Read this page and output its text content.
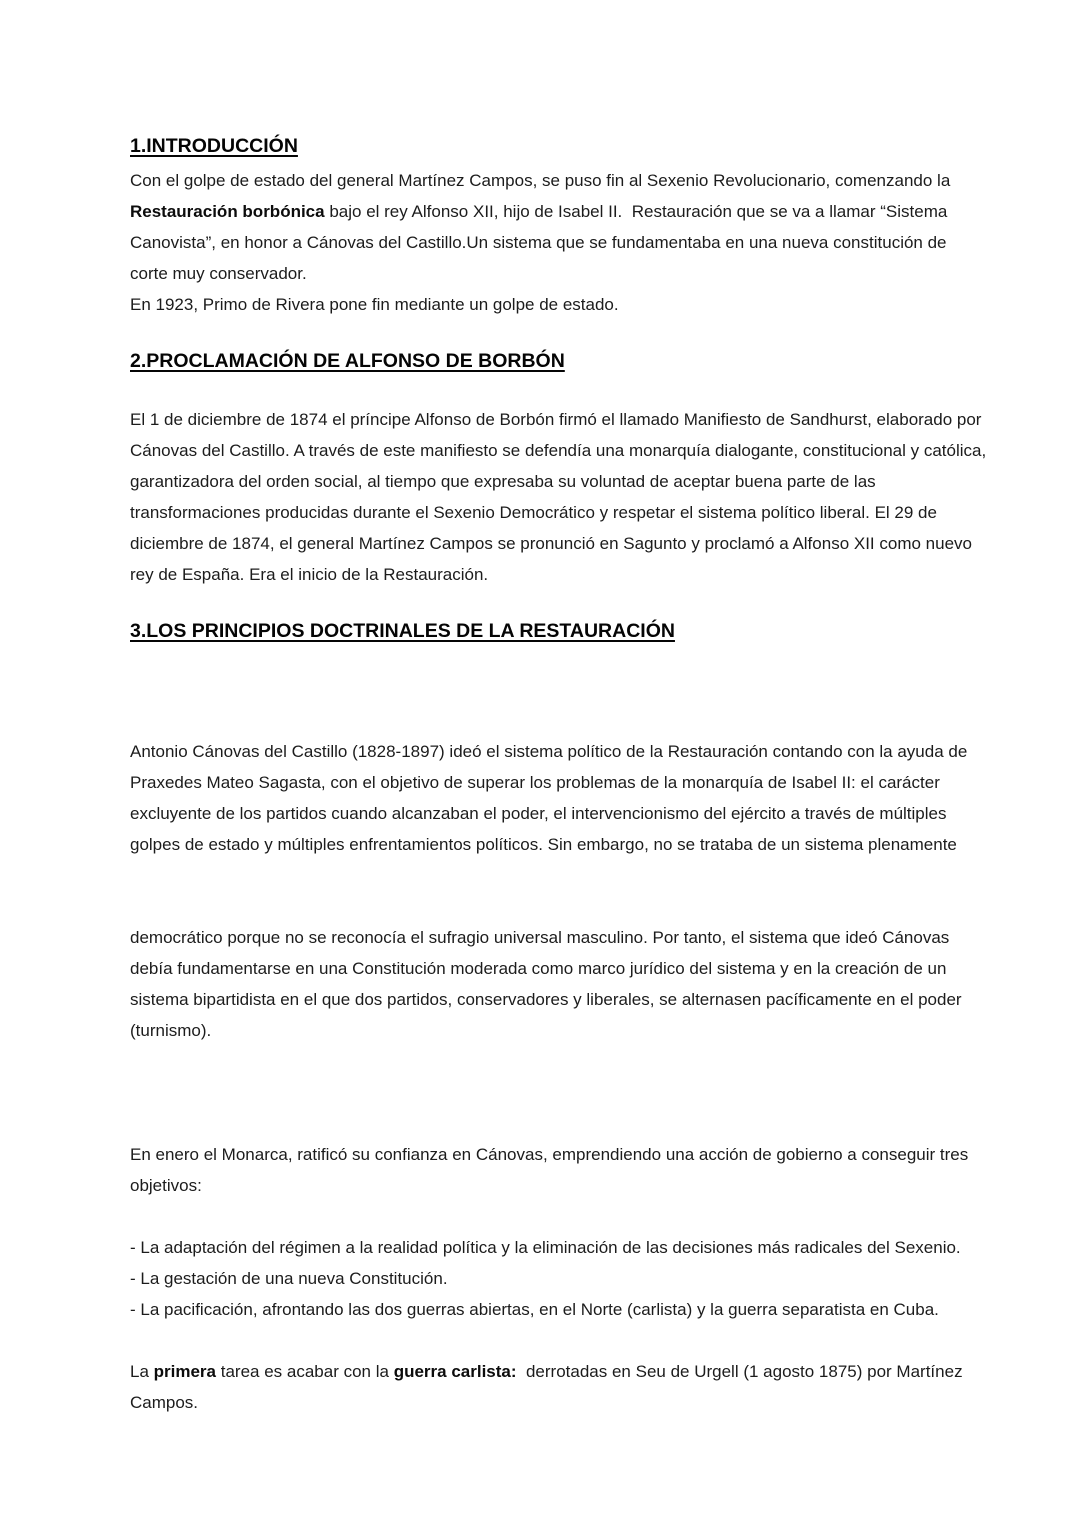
1.INTRODUCCIÓN

Con el golpe de estado del general Martínez Campos, se puso fin al Sexenio Revolucionario, comenzando la Restauración borbónica bajo el rey Alfonso XII, hijo de Isabel II.  Restauración que se va a llamar “Sistema Canovista”, en honor a Cánovas del Castillo.Un sistema que se fundamentaba en una nueva constitución de corte muy conservador.

En 1923, Primo de Rivera pone fin mediante un golpe de estado.

2.PROCLAMACIÓN DE ALFONSO DE BORBÓN

El 1 de diciembre de 1874 el príncipe Alfonso de Borbón firmó el llamado Manifiesto de Sandhurst, elaborado por Cánovas del Castillo. A través de este manifiesto se defendía una monarquía dialogante, constitucional y católica, garantizadora del orden social, al tiempo que expresaba su voluntad de aceptar buena parte de las transformaciones producidas durante el Sexenio Democrático y respetar el sistema político liberal. El 29 de diciembre de 1874, el general Martínez Campos se pronunció en Sagunto y proclamó a Alfonso XII como nuevo rey de España. Era el inicio de la Restauración.

3.LOS PRINCIPIOS DOCTRINALES DE LA RESTAURACIÓN

Antonio Cánovas del Castillo (1828-1897) ideó el sistema político de la Restauración contando con la ayuda de Praxedes Mateo Sagasta, con el objetivo de superar los problemas de la monarquía de Isabel II: el carácter excluyente de los partidos cuando alcanzaban el poder, el intervencionismo del ejército a través de múltiples golpes de estado y múltiples enfrentamientos políticos. Sin embargo, no se trataba de un sistema plenamente

democrático porque no se reconocía el sufragio universal masculino. Por tanto, el sistema que ideó Cánovas debía fundamentarse en una Constitución moderada como marco jurídico del sistema y en la creación de un sistema bipartidista en el que dos partidos, conservadores y liberales, se alternasen pacíficamente en el poder (turnismo).

En enero el Monarca, ratificó su confianza en Cánovas, emprendiendo una acción de gobierno a conseguir tres objetivos:

- La adaptación del régimen a la realidad política y la eliminación de las decisiones más radicales del Sexenio.
- La gestación de una nueva Constitución.
- La pacificación, afrontando las dos guerras abiertas, en el Norte (carlista) y la guerra separatista en Cuba.

La primera tarea es acabar con la guerra carlista:  derrotadas en Seu de Urgell (1 agosto 1875) por Martínez Campos.
